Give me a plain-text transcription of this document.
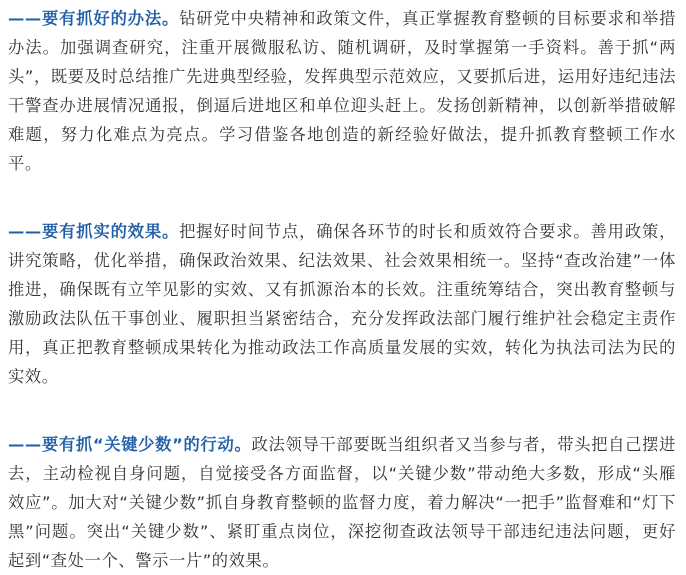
——要有抓好的办法。钻研党中央精神和政策文件，真正掌握教育整顿的目标要求和举措办法。加强调查研究，注重开展微服私访、随机调研，及时掌握第一手资料。善于抓“两头”，既要及时总结推广先进典型经验，发挥典型示范效应，又要抓后进，运用好违纪违法干警查办进展情况通报，倒逼后进地区和单位迎头赶上。发扬创新精神，以创新举措破解难题，努力化难点为亮点。学习借鉴各地创造的新经验好做法，提升抓教育整顿工作水平。

——要有抓实的效果。把握好时间节点，确保各环节的时长和质效符合要求。善用政策，讲究策略，优化举措，确保政治效果、纪法效果、社会效果相统一。坚持“查改治建”一体推进，确保既有立竿见影的实效、又有抓源治本的长效。注重统筹结合，突出教育整顿与激励政法队伍干事创业、履职担当紧密结合，充分发挥政法部门履行维护社会稳定主责作用，真正把教育整顿成果转化为推动政法工作高质量发展的实效，转化为执法司法为民的实效。

——要有抓“关键少数”的行动。政法领导干部要既当组织者又当参与者，带头把自己摆进去，主动检视自身问题，自觉接受各方面监督，以“关键少数”带动绝大多数，形成“头雁效应”。加大对“关键少数”抓自身教育整顿的监督力度，着力解决“一把手”监督难和“灯下黑”问题。突出“关键少数”、紧盯重点岗位，深挖彻查政法领导干部违纪违法问题，更好起到“查处一个、警示一片”的效果。
